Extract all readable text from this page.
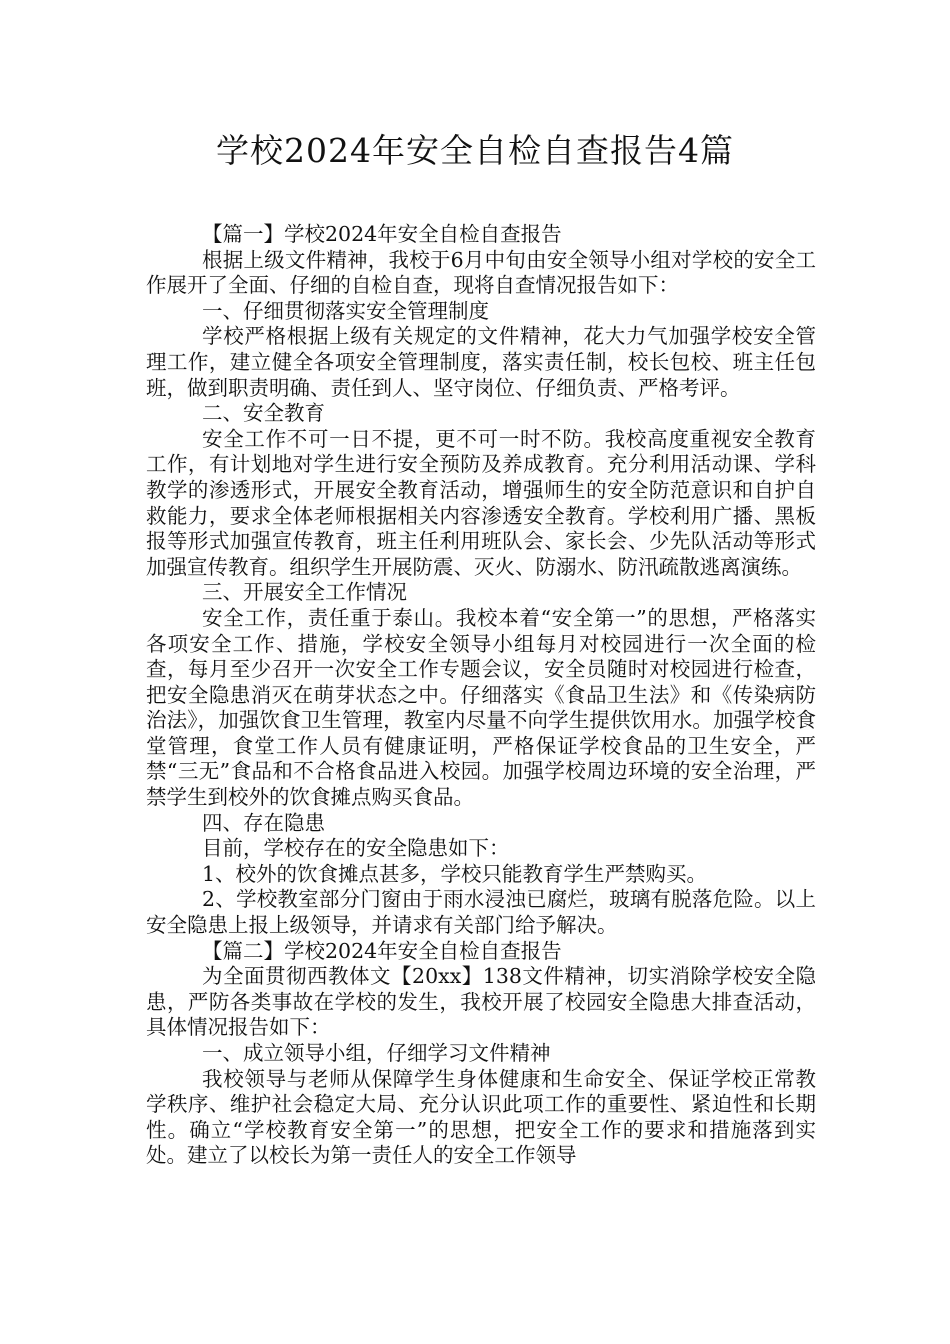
学校2024年安全自检自查报告4篇

【篇一】学校2024年安全自检自查报告

根据上级文件精神，我校于6月中旬由安全领导小组对学校的安全工作展开了全面、仔细的自检自查，现将自查情况报告如下：

一、仔细贯彻落实安全管理制度

学校严格根据上级有关规定的文件精神，花大力气加强学校安全管理工作，建立健全各项安全管理制度，落实责任制，校长包校、班主任包班，做到职责明确、责任到人、坚守岗位、仔细负责、严格考评。

二、安全教育

安全工作不可一日不提，更不可一时不防。我校高度重视安全教育工作，有计划地对学生进行安全预防及养成教育。充分利用活动课、学科教学的渗透形式，开展安全教育活动，增强师生的安全防范意识和自护自救能力，要求全体老师根据相关内容渗透安全教育。学校利用广播、黑板报等形式加强宣传教育，班主任利用班队会、家长会、少先队活动等形式加强宣传教育。组织学生开展防震、灭火、防溺水、防汛疏散逃离演练。

三、开展安全工作情况

安全工作，责任重于泰山。我校本着“安全第一”的思想，严格落实各项安全工作、措施，学校安全领导小组每月对校园进行一次全面的检查，每月至少召开一次安全工作专题会议，安全员随时对校园进行检查，把安全隐患消灭在萌芽状态之中。仔细落实《食品卫生法》和《传染病防治法》，加强饮食卫生管理，教室内尽量不向学生提供饮用水。加强学校食堂管理，食堂工作人员有健康证明，严格保证学校食品的卫生安全，严禁“三无”食品和不合格食品进入校园。加强学校周边环境的安全治理，严禁学生到校外的饮食摊点购买食品。

四、存在隐患

目前，学校存在的安全隐患如下：

1、校外的饮食摊点甚多，学校只能教育学生严禁购买。

2、学校教室部分门窗由于雨水浸浊已腐烂，玻璃有脱落危险。以上安全隐患上报上级领导，并请求有关部门给予解决。

【篇二】学校2024年安全自检自查报告

为全面贯彻西教体文【20xx】138文件精神，切实消除学校安全隐患，严防各类事故在学校的发生，我校开展了校园安全隐患大排查活动，具体情况报告如下：

一、成立领导小组，仔细学习文件精神

我校领导与老师从保障学生身体健康和生命安全、保证学校正常教学秩序、维护社会稳定大局、充分认识此项工作的重要性、紧迫性和长期性。确立“学校教育安全第一”的思想，把安全工作的要求和措施落到实处。建立了以校长为第一责任人的安全工作领导
